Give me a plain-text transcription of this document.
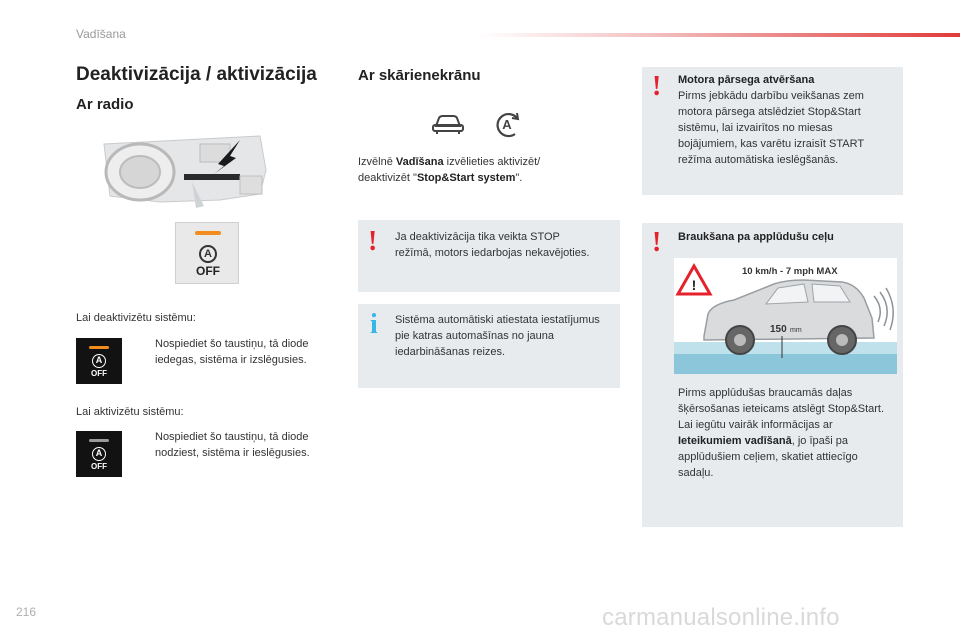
Vadīšana
Deaktivizācija / aktivizācija
Ar radio
A
OFF
Lai deaktivizētu sistēmu:
A
OFF
Nospiediet šo taustiņu, tā diode iedegas, sistēma ir izslēgusies.
Lai aktivizētu sistēmu:
A
OFF
Nospiediet šo taustiņu, tā diode nodziest, sistēma ir ieslēgusies.
Ar skārienekrānu
A
Izvēlnē Vadīšana izvēlieties aktivizēt/ deaktivizēt "Stop&Start system".
! Ja deaktivizācija tika veikta STOP režīmā, motors iedarbojas nekavējoties.
i Sistēma automātiski atiestata iestatījumus pie katras automašīnas no jauna iedarbināšanas reizes.
! Motora pārsega atvēršana
Pirms jebkādu darbību veikšanas zem motora pārsega atslēdziet Stop&Start sistēmu, lai izvairītos no miesas bojājumiem, kas varētu izraisīt START režīma automātiska ieslēgšanās.
! Braukšana pa applūdušu ceļu
Pirms applūdušas braucamās daļas šķērsošanas ieteicams atslēgt Stop&Start. Lai iegūtu vairāk informācijas ar Ieteikumiem vadīšanā, jo īpaši pa applūdušiem ceļiem, skatiet attiecīgo sadaļu.
!
10 km/h - 7 mph MAX
150 mm
216	carmanualsonline.info
